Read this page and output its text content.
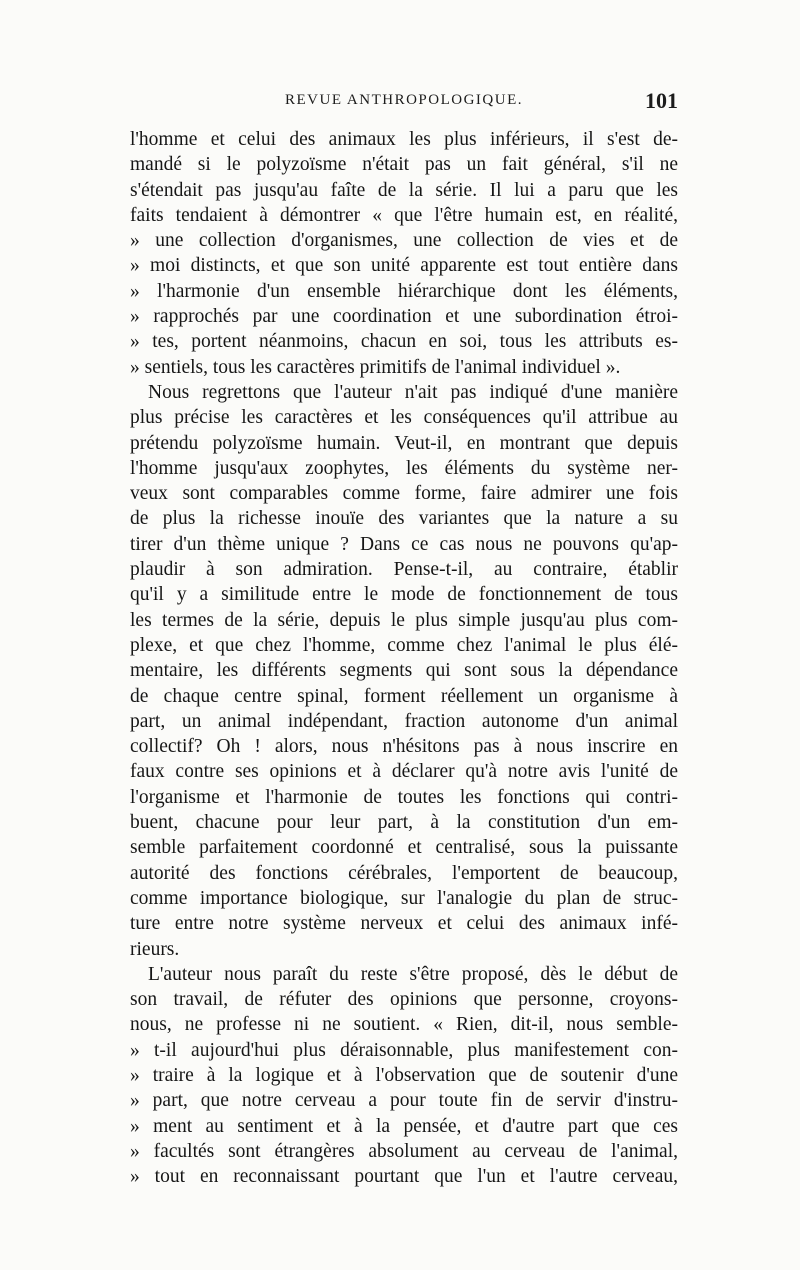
REVUE ANTHROPOLOGIQUE.	101
l'homme et celui des animaux les plus inférieurs, il s'est de-
mandé si le polyzoïsme n'était pas un fait général, s'il ne
s'étendait pas jusqu'au faîte de la série. Il lui a paru que les
faits tendaient à démontrer « que l'être humain est, en réalité,
» une collection d'organismes, une collection de vies et de
» moi distincts, et que son unité apparente est tout entière dans
» l'harmonie d'un ensemble hiérarchique dont les éléments,
» rapprochés par une coordination et une subordination étroi-
» tes, portent néanmoins, chacun en soi, tous les attributs es-
» sentiels, tous les caractères primitifs de l'animal individuel ».
Nous regrettons que l'auteur n'ait pas indiqué d'une manière
plus précise les caractères et les conséquences qu'il attribue au
prétendu polyzoïsme humain. Veut-il, en montrant que depuis
l'homme jusqu'aux zoophytes, les éléments du système ner-
veux sont comparables comme forme, faire admirer une fois
de plus la richesse inouïe des variantes que la nature a su
tirer d'un thème unique ? Dans ce cas nous ne pouvons qu'ap-
plaudir à son admiration. Pense-t-il, au contraire, établir
qu'il y a similitude entre le mode de fonctionnement de tous
les termes de la série, depuis le plus simple jusqu'au plus com-
plexe, et que chez l'homme, comme chez l'animal le plus élé-
mentaire, les différents segments qui sont sous la dépendance
de chaque centre spinal, forment réellement un organisme à
part, un animal indépendant, fraction autonome d'un animal
collectif? Oh ! alors, nous n'hésitons pas à nous inscrire en
faux contre ses opinions et à déclarer qu'à notre avis l'unité de
l'organisme et l'harmonie de toutes les fonctions qui contri-
buent, chacune pour leur part, à la constitution d'un em-
semble parfaitement coordonné et centralisé, sous la puissante
autorité des fonctions cérébrales, l'emportent de beaucoup,
comme importance biologique, sur l'analogie du plan de struc-
ture entre notre système nerveux et celui des animaux infé-
rieurs.
L'auteur nous paraît du reste s'être proposé, dès le début de
son travail, de réfuter des opinions que personne, croyons-
nous, ne professe ni ne soutient. « Rien, dit-il, nous semble-
» t-il aujourd'hui plus déraisonnable, plus manifestement con-
» traire à la logique et à l'observation que de soutenir d'une
» part, que notre cerveau a pour toute fin de servir d'instru-
» ment au sentiment et à la pensée, et d'autre part que ces
» facultés sont étrangères absolument au cerveau de l'animal,
» tout en reconnaissant pourtant que l'un et l'autre cerveau,
